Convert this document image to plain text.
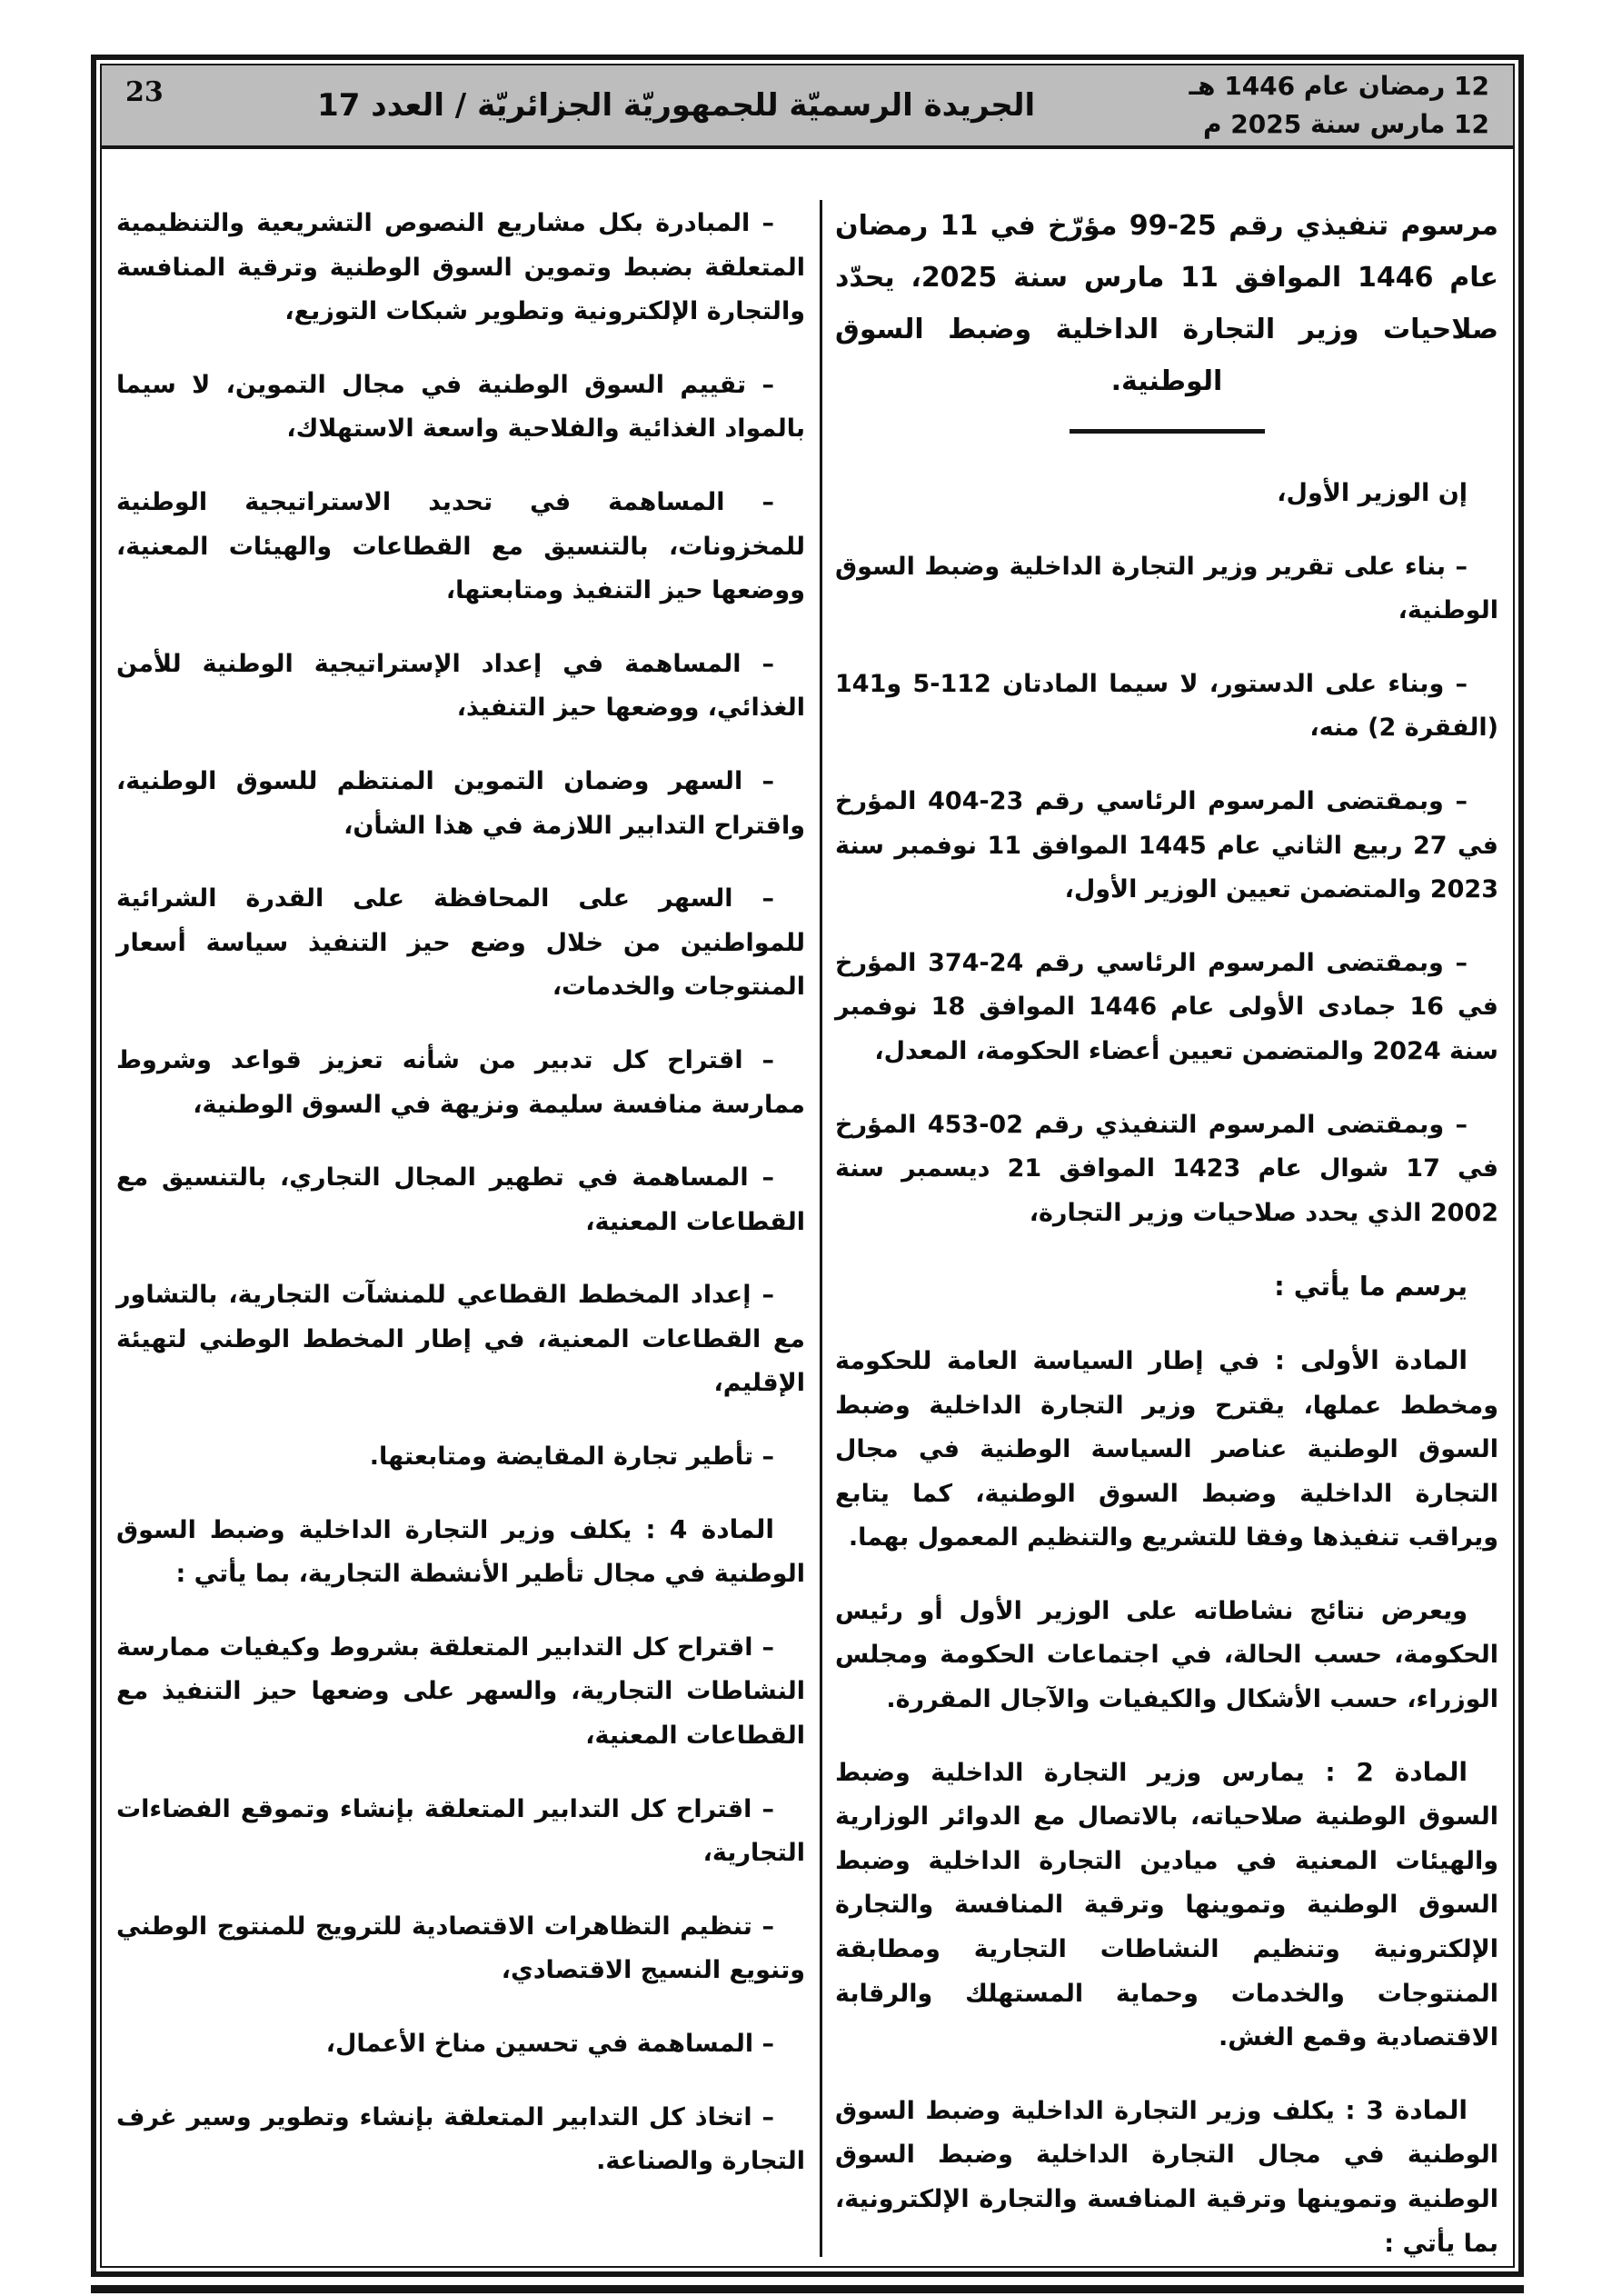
12 رمضان عام 1446 هـ
12 مارس سنة 2025 م
الجريدة الرسميّة للجمهوريّة الجزائريّة / العدد 17
23
مرسوم تنفيذي رقم 25-99 مؤرّخ في 11 رمضان عام 1446 الموافق 11 مارس سنة 2025، يحدّد صلاحيات وزير التجارة الداخلية وضبط السوق الوطنية.

إن الوزير الأول،

– بناء على تقرير وزير التجارة الداخلية وضبط السوق الوطنية،

– وبناء على الدستور، لا سيما المادتان 112-5 و141 (الفقرة 2) منه،

– وبمقتضى المرسوم الرئاسي رقم 23-404 المؤرخ في 27 ربيع الثاني عام 1445 الموافق 11 نوفمبر سنة 2023 والمتضمن تعيين الوزير الأول،

– وبمقتضى المرسوم الرئاسي رقم 24-374 المؤرخ في 16 جمادى الأولى عام 1446 الموافق 18 نوفمبر سنة 2024 والمتضمن تعيين أعضاء الحكومة، المعدل،

– وبمقتضى المرسوم التنفيذي رقم 02-453 المؤرخ في 17 شوال عام 1423 الموافق 21 ديسمبر سنة 2002 الذي يحدد صلاحيات وزير التجارة،

يرسم ما يأتي :

المادة الأولى : في إطار السياسة العامة للحكومة ومخطط عملها، يقترح وزير التجارة الداخلية وضبط السوق الوطنية عناصر السياسة الوطنية في مجال التجارة الداخلية وضبط السوق الوطنية، كما يتابع ويراقب تنفيذها وفقا للتشريع والتنظيم المعمول بهما.

ويعرض نتائج نشاطاته على الوزير الأول أو رئيس الحكومة، حسب الحالة، في اجتماعات الحكومة ومجلس الوزراء، حسب الأشكال والكيفيات والآجال المقررة.

المادة 2 : يمارس وزير التجارة الداخلية وضبط السوق الوطنية صلاحياته، بالاتصال مع الدوائر الوزارية والهيئات المعنية في ميادين التجارة الداخلية وضبط السوق الوطنية وتموينها وترقية المنافسة والتجارة الإلكترونية وتنظيم النشاطات التجارية ومطابقة المنتوجات والخدمات وحماية المستهلك والرقابة الاقتصادية وقمع الغش.

المادة 3 : يكلف وزير التجارة الداخلية وضبط السوق الوطنية في مجال التجارة الداخلية وضبط السوق الوطنية وتموينها وترقية المنافسة والتجارة الإلكترونية، بما يأتي :

– المبادرة بكل مشاريع النصوص التشريعية والتنظيمية المتعلقة بضبط وتموين السوق الوطنية وترقية المنافسة والتجارة الإلكترونية وتطوير شبكات التوزيع،

– تقييم السوق الوطنية في مجال التموين، لا سيما بالمواد الغذائية والفلاحية واسعة الاستهلاك،

– المساهمة في تحديد الاستراتيجية الوطنية للمخزونات، بالتنسيق مع القطاعات والهيئات المعنية، ووضعها حيز التنفيذ ومتابعتها،

– المساهمة في إعداد الإستراتيجية الوطنية للأمن الغذائي، ووضعها حيز التنفيذ،

– السهر وضمان التموين المنتظم للسوق الوطنية، واقتراح التدابير اللازمة في هذا الشأن،

– السهر على المحافظة على القدرة الشرائية للمواطنين من خلال وضع حيز التنفيذ سياسة أسعار المنتوجات والخدمات،

– اقتراح كل تدبير من شأنه تعزيز قواعد وشروط ممارسة منافسة سليمة ونزيهة في السوق الوطنية،

– المساهمة في تطهير المجال التجاري، بالتنسيق مع القطاعات المعنية،

– إعداد المخطط القطاعي للمنشآت التجارية، بالتشاور مع القطاعات المعنية، في إطار المخطط الوطني لتهيئة الإقليم،

– تأطير تجارة المقايضة ومتابعتها.

المادة 4 : يكلف وزير التجارة الداخلية وضبط السوق الوطنية في مجال تأطير الأنشطة التجارية، بما يأتي :

– اقتراح كل التدابير المتعلقة بشروط وكيفيات ممارسة النشاطات التجارية، والسهر على وضعها حيز التنفيذ مع القطاعات المعنية،

– اقتراح كل التدابير المتعلقة بإنشاء وتموقع الفضاءات التجارية،

– تنظيم التظاهرات الاقتصادية للترويج للمنتوج الوطني وتنويع النسيج الاقتصادي،

– المساهمة في تحسين مناخ الأعمال،

– اتخاذ كل التدابير المتعلقة بإنشاء وتطوير وسير غرف التجارة والصناعة.
